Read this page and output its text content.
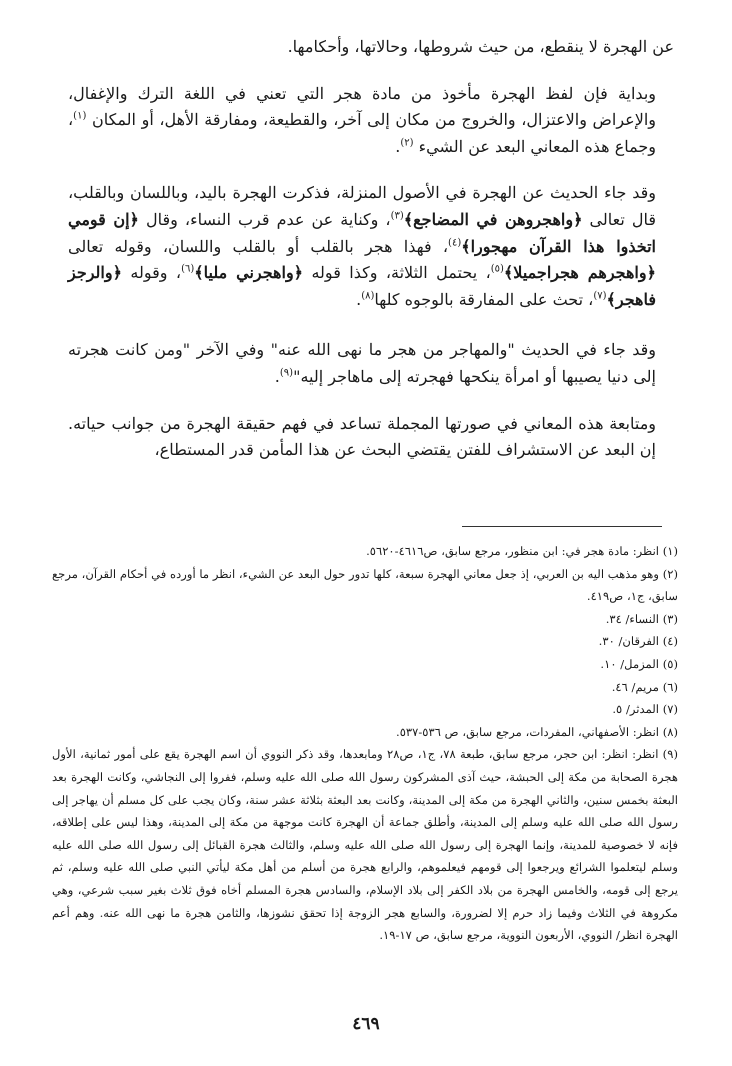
عن الهجرة لا ينقطع، من حيث شروطها، وحالاتها، وأحكامها.

وبداية فإن لفظ الهجرة مأخوذ من مادة هجر التي تعني في اللغة الترك والإغفال، والإعراض والاعتزال، والخروج من مكان إلى آخر، والقطيعة، ومفارقة الأهل، أو المكان $^{(١)}$، وجماع هذه المعاني البعد عن الشيء $^{(٢)}$.

وقد جاء الحديث عن الهجرة في الأصول المنزلة، فذكرت الهجرة باليد، وباللسان وبالقلب، قال تعالى ﴿واهجروهن في المضاجع﴾$^{(٣)}$، وكناية عن عدم قرب النساء، وقال ﴿إن قومي اتخذوا هذا القرآن مهجورا﴾$^{(٤)}$، فهذا هجر بالقلب أو بالقلب واللسان، وقوله تعالى ﴿واهجرهم هجراجميلا﴾$^{(٥)}$، يحتمل الثلاثة، وكذا قوله ﴿واهجرني مليا﴾$^{(٦)}$، وقوله ﴿والرجز فاهجر﴾$^{(٧)}$، تحث على المفارقة بالوجوه كلها$^{(٨)}$.

وقد جاء في الحديث "والمهاجر من هجر ما نهى الله عنه" وفي الآخر "ومن كانت هجرته إلى دنيا يصيبها أو امرأة ينكحها فهجرته إلى ماهاجر إليه"$^{(٩)}$.

ومتابعة هذه المعاني في صورتها المجملة تساعد في فهم حقيقة الهجرة من جوانب حياته. إن البعد عن الاستشراف للفتن يقتضي البحث عن هذا المأمن قدر المستطاع،

(١) انظر: مادة هجر في: ابن منظور، مرجع سابق، ص٤٦١٦-٥٦٢٠.

(٢) وهو مذهب اليه بن العربي، إذ جعل معاني الهجرة سبعة، كلها تدور حول البعد عن الشيء، انظر ما أورده في أحكام القرآن، مرجع سابق، ج١، ص٤١٩.

(٣) النساء/ ٣٤.

(٤) الفرقان/ ٣٠.

(٥) المزمل/ ١٠.

(٦) مريم/ ٤٦.

(٧) المدثر/ ٥.

(٨) انظر: الأصفهاني، المفردات، مرجع سابق، ص ٥٣٦-٥٣٧.

(٩) انظر: انظر: ابن حجر، مرجع سابق، طبعة ٧٨، ج١، ص٢٨ ومابعدها، وقد ذكر النووي أن اسم الهجرة يقع على أمور ثمانية، الأول هجرة الصحابة من مكة إلى الحبشة، حيث آذى المشركون رسول الله صلى الله عليه وسلم، ففروا إلى النجاشي، وكانت الهجرة بعد البعثة بخمس سنين، والثاني الهجرة من مكة إلى المدينة، وكانت بعد البعثة بثلاثة عشر سنة، وكان يجب على كل مسلم أن يهاجر إلى رسول الله صلى الله عليه وسلم إلى المدينة، وأطلق جماعة أن الهجرة كانت موجهة من مكة إلى المدينة، وهذا ليس على إطلاقه، فإنه لا خصوصية للمدينة، وإنما الهجرة إلى رسول الله صلى الله عليه وسلم، والثالث هجرة القبائل إلى رسول الله صلى الله عليه وسلم ليتعلموا الشرائع ويرجعوا إلى قومهم فيعلموهم، والرابع هجرة من أسلم من أهل مكة ليأتي النبي صلى الله عليه وسلم، ثم يرجع إلى قومه، والخامس الهجرة من بلاد الكفر إلى بلاد الإسلام، والسادس هجرة المسلم أخاه فوق ثلاث بغير سبب شرعي، وهي مكروهة في الثلاث وفيما زاد حرم إلا لضرورة، والسابع هجر الزوجة إذا تحقق نشوزها، والثامن هجرة ما نهى الله عنه. وهم أعم الهجرة انظر/ النووي، الأربعون النووية، مرجع سابق، ص ١٧-١٩.

٤٦٩
